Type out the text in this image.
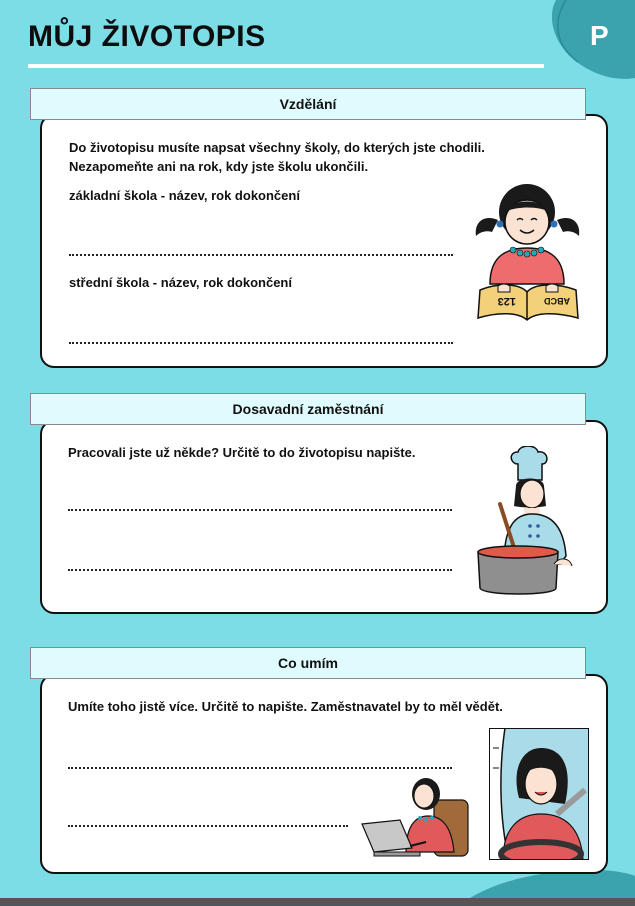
MŮJ ŽIVOTOPIS	P
Vzdělání
Do životopisu musíte napsat všechny školy, do kterých jste chodili. Nezapomeňte ani na rok, kdy jste školu ukončili.
základní škola - název, rok dokončení
střední škola - název, rok dokončení
123	ABCD
Dosavadní zaměstnání
Pracovali jste už někde? Určitě to do životopisu napište.
Co umím
Umíte toho jistě více. Určitě to napište. Zaměstnavatel by to měl vědět.
